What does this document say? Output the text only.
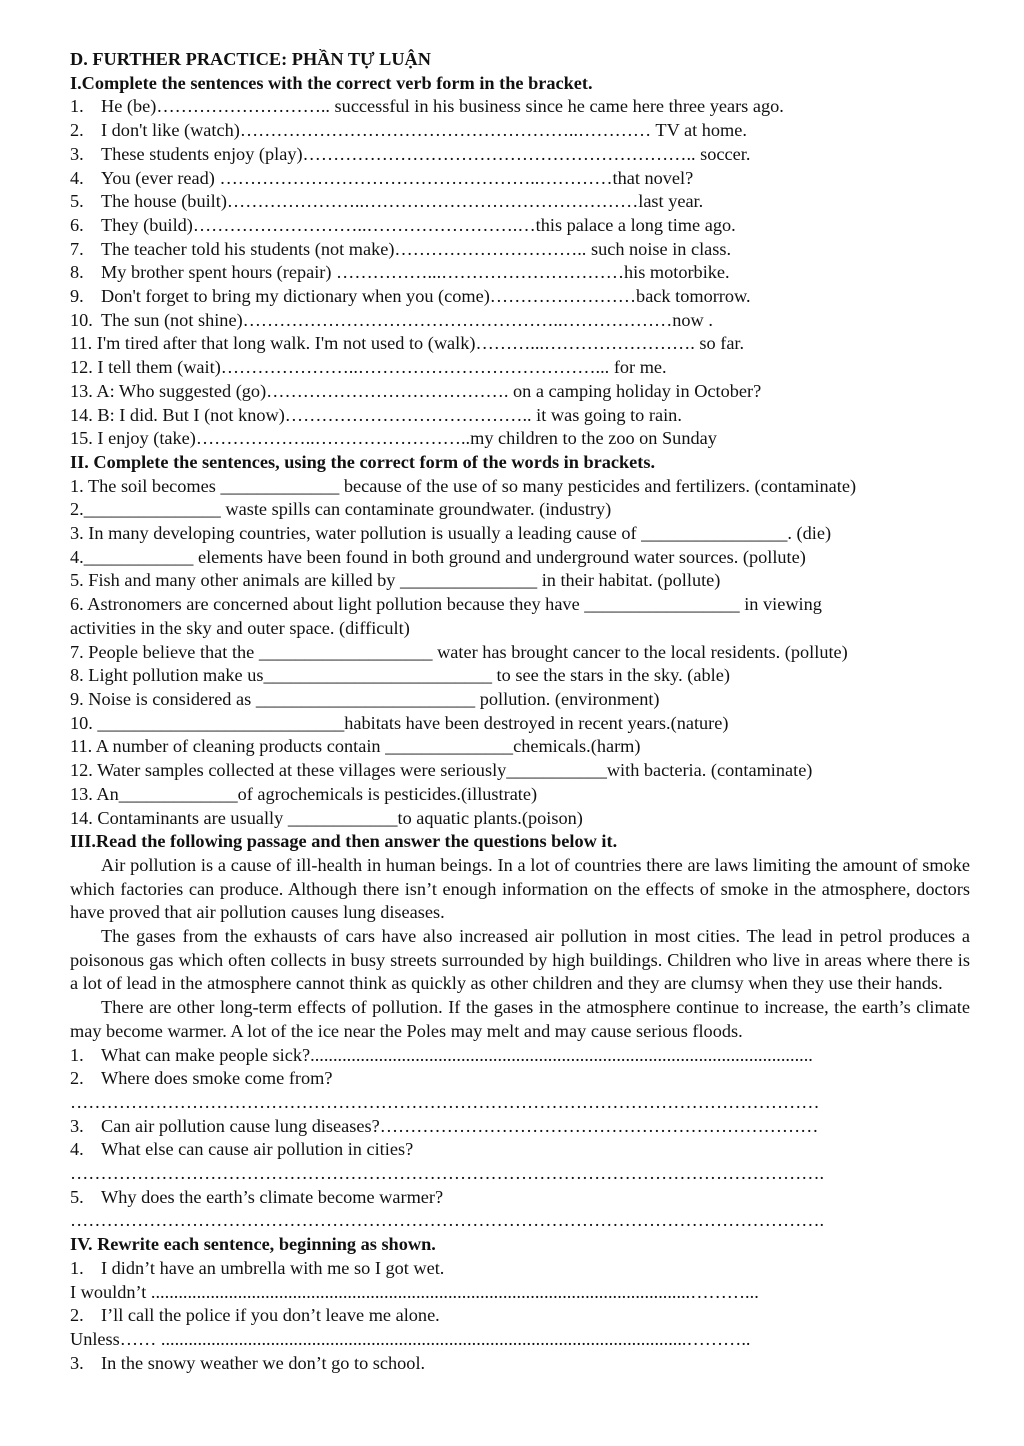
D. FURTHER PRACTICE: PHẦN TỰ LUẬN
I.Complete the sentences with the correct verb form in the bracket.
1. He (be)……………………….. successful in his business since he came here three years ago.
2. I don't like (watch)………………………………………………..………… TV at home.
3. These students enjoy (play)……………………………………………………….. soccer.
4. You (ever read) ……………………………………………..…………that novel?
5. The house (built)…………………..………………………………………last year.
6. They (build)………………………..…………………….…this palace a long time ago.
7. The teacher told his students (not make)………………………….. such noise in class.
8. My brother spent hours (repair) ……………...…………………………his motorbike.
9. Don't forget to bring my dictionary when you (come)……………………back tomorrow.
10. The sun (not shine)……………………………………………..………………now .
11. I'm tired after that long walk. I'm not used to (walk)………...……………………. so far.
12. I tell them (wait)…………………..…………………………………... for me.
13. A: Who suggested (go)…………………………………. on a camping holiday in October?
14. B: I did. But I (not know)………………………………….. it was going to rain.
15. I enjoy (take)………………..……………………..my children to the zoo on Sunday
II. Complete the sentences, using the correct form of the words in brackets.
1. The soil becomes _____________ because of the use of so many pesticides and fertilizers. (contaminate)
2._______________ waste spills can contaminate groundwater. (industry)
3. In many developing countries, water pollution is usually a leading cause of ________________. (die)
4.____________ elements have been found in both ground and underground water sources. (pollute)
5. Fish and many other animals are killed by _______________ in their habitat. (pollute)
6. Astronomers are concerned about light pollution because they have _________________ in viewing
activities in the sky and outer space. (difficult)
7. People believe that the ___________________ water has brought cancer to the local residents. (pollute)
8. Light pollution make us_________________________ to see the stars in the sky. (able)
9. Noise is considered as ________________________ pollution. (environment)
10. ___________________________habitats have been destroyed in recent years.(nature)
11. A number of cleaning products contain ______________chemicals.(harm)
12. Water samples collected at these villages were seriously___________with bacteria. (contaminate)
13. An_____________of agrochemicals is pesticides.(illustrate)
14. Contaminants are usually ____________to aquatic plants.(poison)
III.Read the following passage and then answer the questions below it.
Air pollution is a cause of ill-health in human beings. In a lot of countries there are laws limiting the amount of smoke which factories can produce. Although there isn’t enough information on the effects of smoke in the atmosphere, doctors have proved that air pollution causes lung diseases.
The gases from the exhausts of cars have also increased air pollution in most cities. The lead in petrol produces a poisonous gas which often collects in busy streets surrounded by high buildings. Children who live in areas where there is a lot of lead in the atmosphere cannot think as quickly as other children and they are clumsy when they use their hands.
There are other long-term effects of pollution. If the gases in the atmosphere continue to increase, the earth’s climate may become warmer. A lot of the ice near the Poles may melt and may cause serious floods.
1. What can make people sick?..............................................................................................................
2. Where does smoke come from?
……………………………………………………………………………………………………………
3. Can air pollution cause lung diseases?………………………………………………………………
4. What else can cause air pollution in cities?
…………………………………………………………………………………………………………….
5. Why does the earth’s climate become warmer?
…………………………………………………………………………………………………………….
IV. Rewrite each sentence, beginning as shown.
1. I didn’t have an umbrella with me so I got wet.
I wouldn’t ......................................................................................................................………...
2. I’ll call the police if you don’t leave me alone.
Unless…… ...................................................................................................................………..
3. In the snowy weather we don’t go to school.
